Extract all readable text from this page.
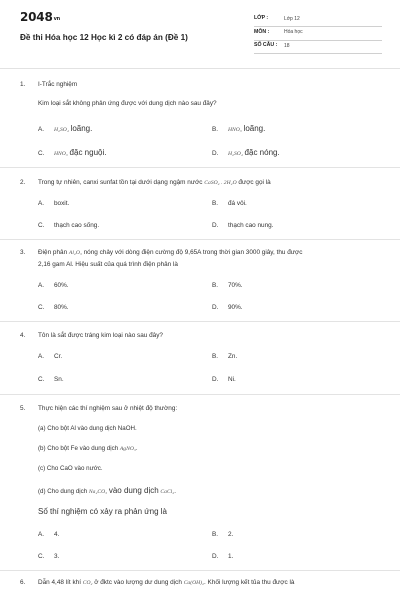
2048vn
Đề thi Hóa học 12 Học kì 2 có đáp án (Đề 1)
LỚP :	Lớp 12
MÔN :	Hóa học
SỐ CÂU : 18
1. I-Trắc nghiệm
Kim loại sắt không phản ứng được với dung dịch nào sau đây?
A. H₂SO₄ loãng.	B. HNO₃ loãng.
C. HNO₃ đặc nguội.	D. H₂SO₄ đặc nóng.
2. Trong tự nhiên, canxi sunfat tồn tại dưới dạng ngậm nước CaSO₄ . 2H₂O được gọi là
A. boxit.	B. đá vôi.
C. thạch cao sống.	D. thạch cao nung.
3. Điện phân Al₂O₃ nóng chảy với dòng điện cường độ 9,65A trong thời gian 3000 giây, thu được
2,16 gam Al. Hiệu suất của quá trình điện phân là
A. 60%.	B. 70%.
C. 80%.	D. 90%.
4. Tôn là sắt được tráng kim loại nào sau đây?
A. Cr.	B. Zn.
C. Sn.	D. Ni.
5. Thực hiện các thí nghiệm sau ở nhiệt độ thường:
(a) Cho bột Al vào dung dịch NaOH.
(b) Cho bột Fe vào dung dịch AgNO₃.
(c) Cho CaO vào nước.
(d) Cho dung dịch Na₂CO₃ vào dung dịch CaCl₂.
Số thí nghiệm có xảy ra phản ứng là
A. 4.	B. 2.
C. 3.	D. 1.
6. Dẫn 4,48 lít khí CO₂ ở đktc vào lượng dư dung dịch Ca(OH)₂. Khối lượng kết tủa thu được là
